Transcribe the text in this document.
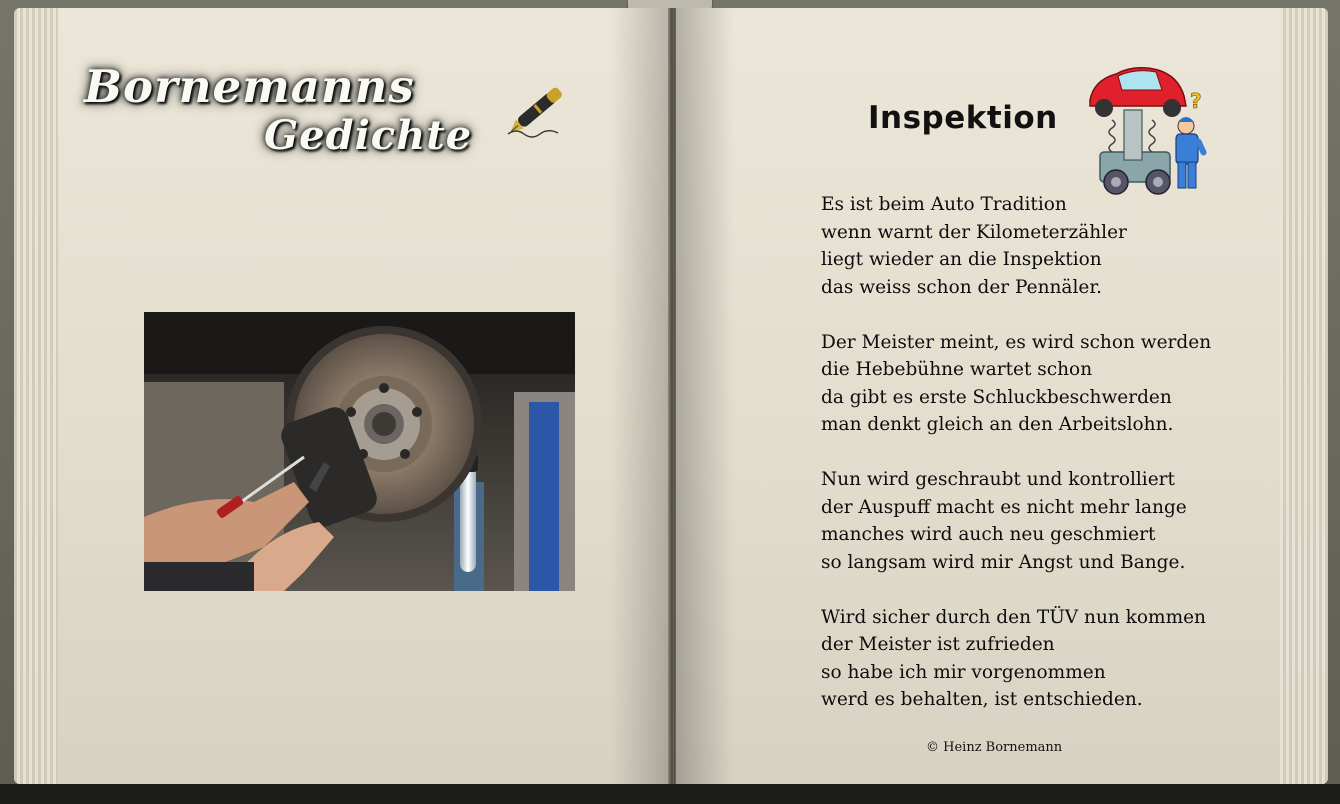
Bornemanns
Gedichte	Inspektion	?
Es ist beim Auto Tradition
wenn warnt der Kilometerzähler
liegt wieder an die Inspektion
das weiss schon der Pennäler.
Der Meister meint, es wird schon werden
die Hebebühne wartet schon
da gibt es erste Schluckbeschwerden
man denkt gleich an den Arbeitslohn.
Nun wird geschraubt und kontrolliert
der Auspuff macht es nicht mehr lange
manches wird auch neu geschmiert
so langsam wird mir Angst und Bange.
Wird sicher durch den TÜV nun kommen
der Meister ist zufrieden
so habe ich mir vorgenommen
werd es behalten, ist entschieden.
© Heinz Bornemann
